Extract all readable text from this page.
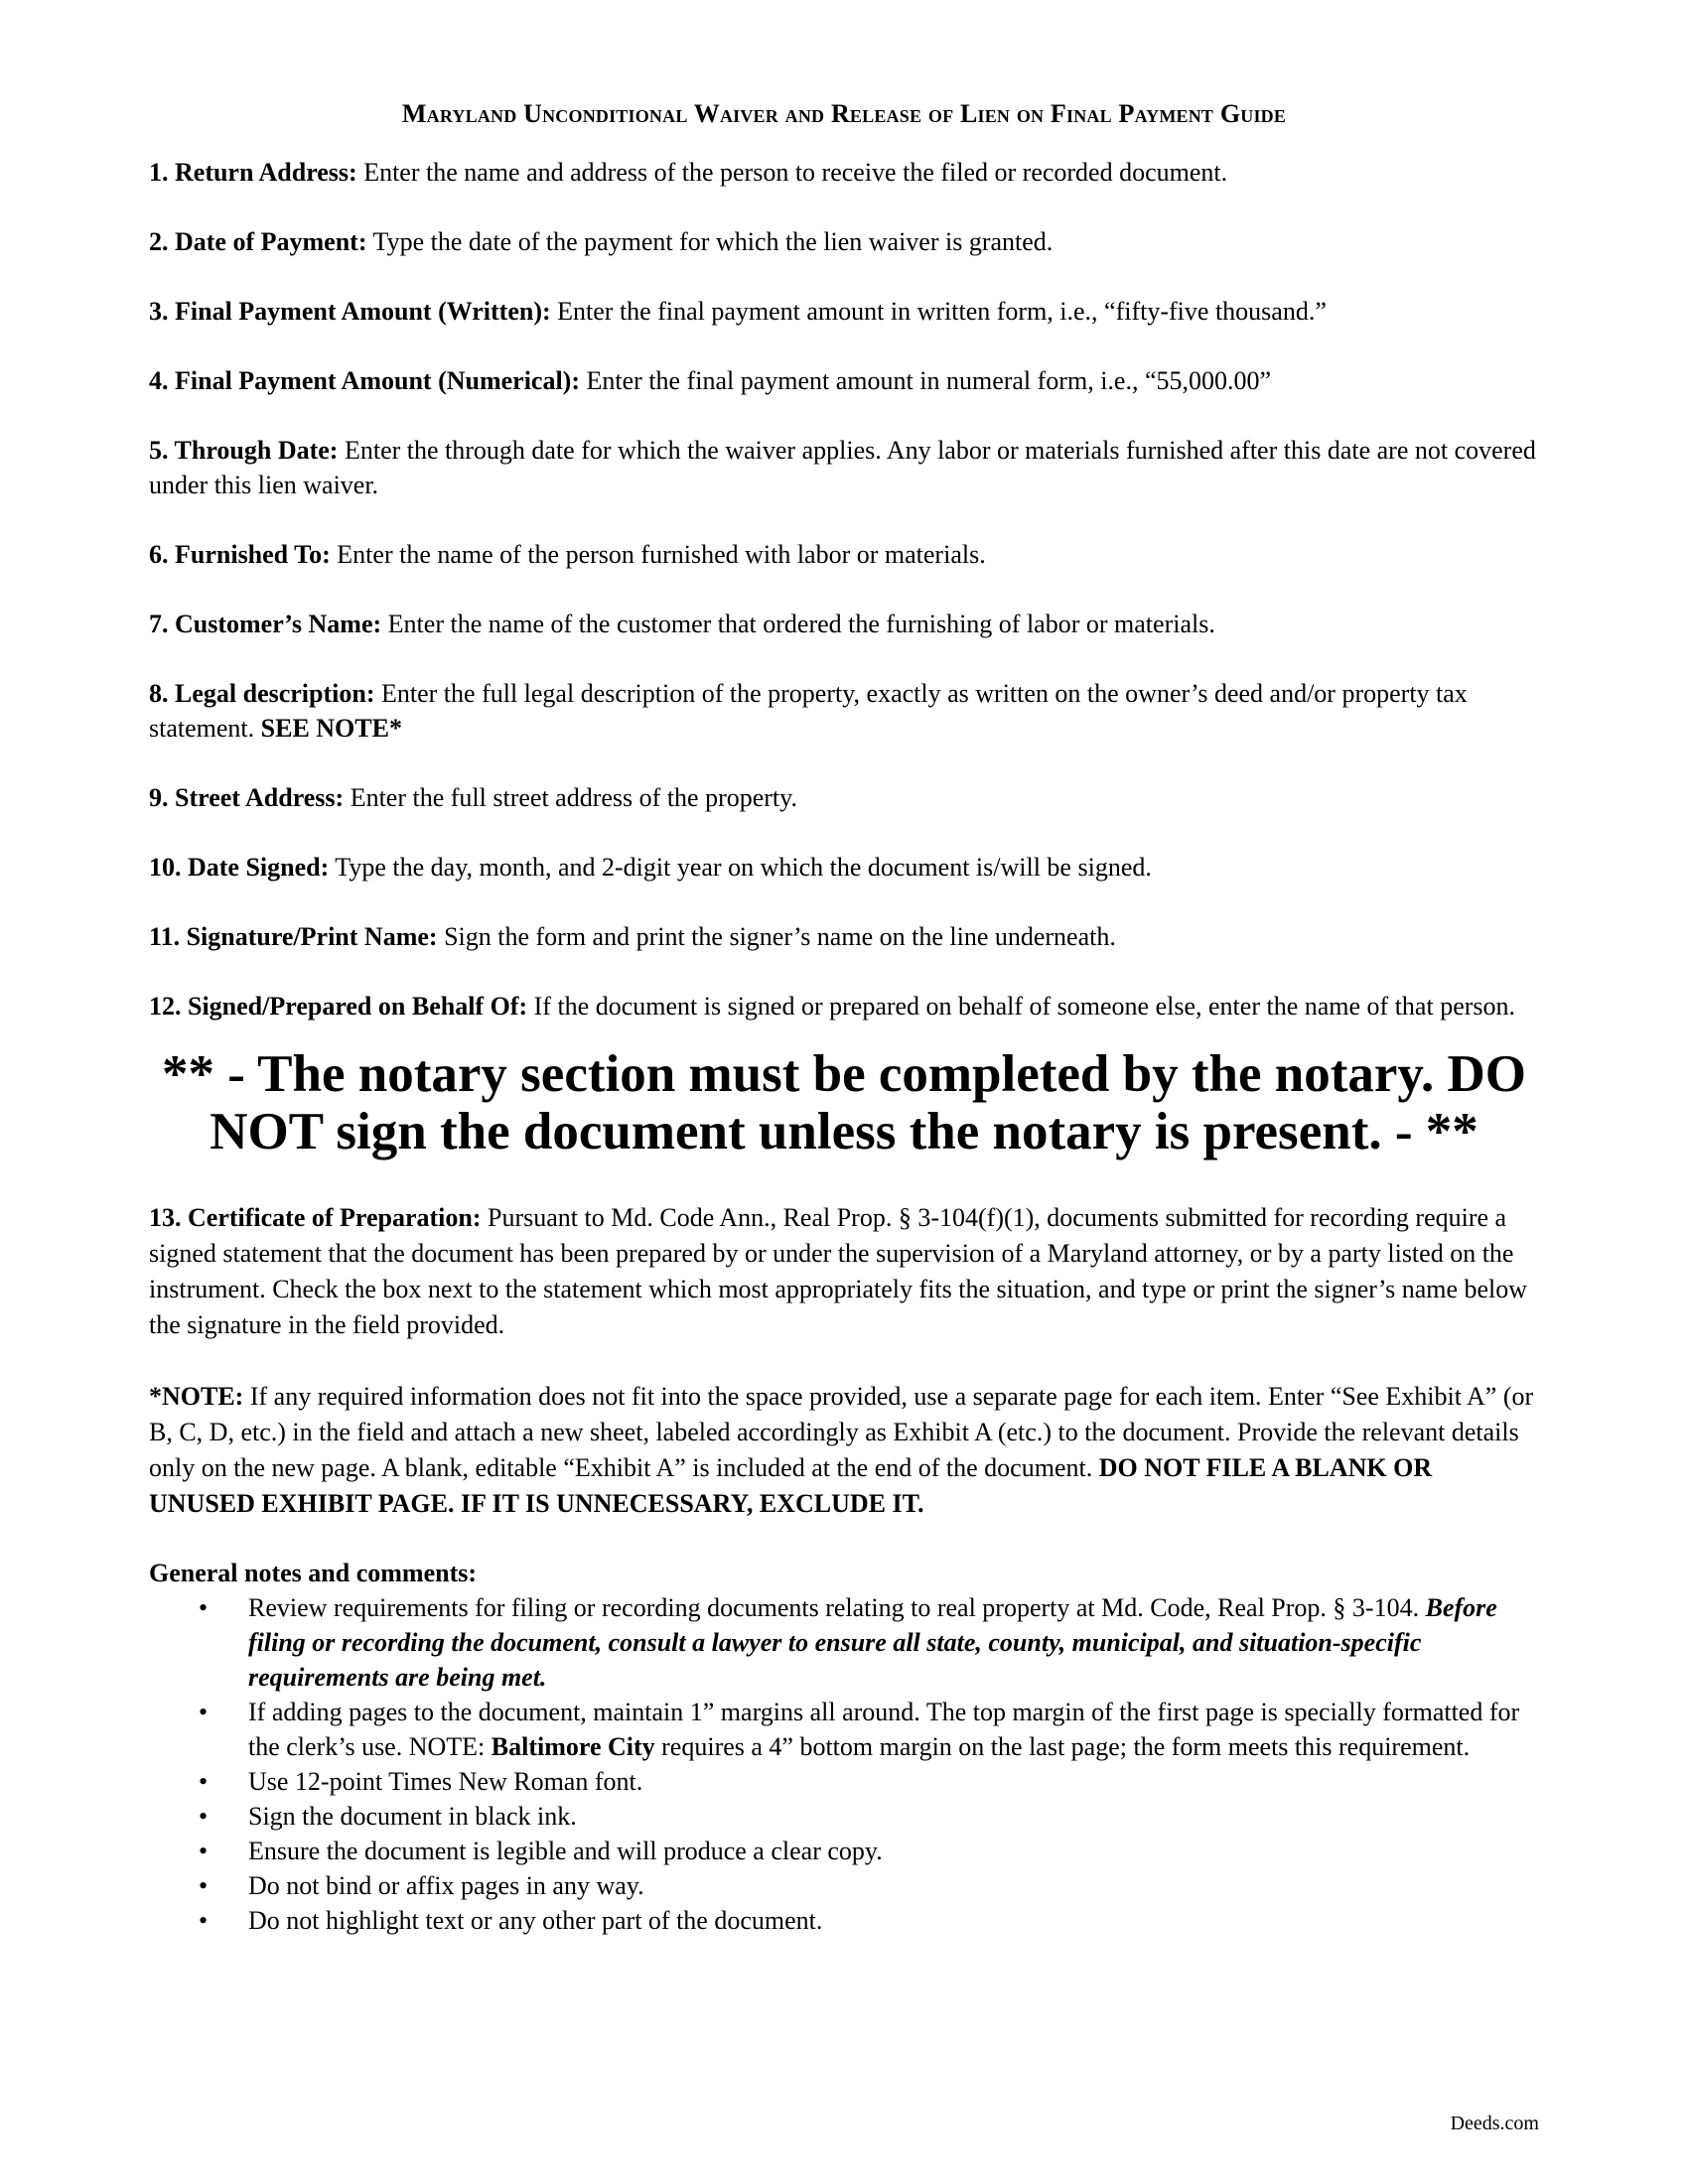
Maryland Unconditional Waiver and Release of Lien on Final Payment Guide

1. Return Address: Enter the name and address of the person to receive the filed or recorded document.

2. Date of Payment: Type the date of the payment for which the lien waiver is granted.

3. Final Payment Amount (Written): Enter the final payment amount in written form, i.e., “fifty-five thousand.”

4. Final Payment Amount (Numerical): Enter the final payment amount in numeral form, i.e., “55,000.00”

5. Through Date: Enter the through date for which the waiver applies. Any labor or materials furnished after this date are not covered under this lien waiver.

6. Furnished To: Enter the name of the person furnished with labor or materials.

7. Customer’s Name: Enter the name of the customer that ordered the furnishing of labor or materials.

8. Legal description: Enter the full legal description of the property, exactly as written on the owner’s deed and/or property tax statement. SEE NOTE*

9. Street Address: Enter the full street address of the property.

10. Date Signed: Type the day, month, and 2-digit year on which the document is/will be signed.

11. Signature/Print Name: Sign the form and print the signer’s name on the line underneath.

12. Signed/Prepared on Behalf Of: If the document is signed or prepared on behalf of someone else, enter the name of that person.

** - The notary section must be completed by the notary. DO NOT sign the document unless the notary is present. - **

13. Certificate of Preparation: Pursuant to Md. Code Ann., Real Prop. § 3-104(f)(1), documents submitted for recording require a signed statement that the document has been prepared by or under the supervision of a Maryland attorney, or by a party listed on the instrument. Check the box next to the statement which most appropriately fits the situation, and type or print the signer’s name below the signature in the field provided.

*NOTE: If any required information does not fit into the space provided, use a separate page for each item. Enter “See Exhibit A” (or B, C, D, etc.) in the field and attach a new sheet, labeled accordingly as Exhibit A (etc.) to the document. Provide the relevant details only on the new page. A blank, editable “Exhibit A” is included at the end of the document. DO NOT FILE A BLANK OR UNUSED EXHIBIT PAGE. IF IT IS UNNECESSARY, EXCLUDE IT.

General notes and comments:

• Review requirements for filing or recording documents relating to real property at Md. Code, Real Prop. § 3-104. Before filing or recording the document, consult a lawyer to ensure all state, county, municipal, and situation-specific requirements are being met.
• If adding pages to the document, maintain 1” margins all around. The top margin of the first page is specially formatted for the clerk’s use. NOTE: Baltimore City requires a 4” bottom margin on the last page; the form meets this requirement.
• Use 12-point Times New Roman font.
• Sign the document in black ink.
• Ensure the document is legible and will produce a clear copy.
• Do not bind or affix pages in any way.
• Do not highlight text or any other part of the document.
Deeds.com
